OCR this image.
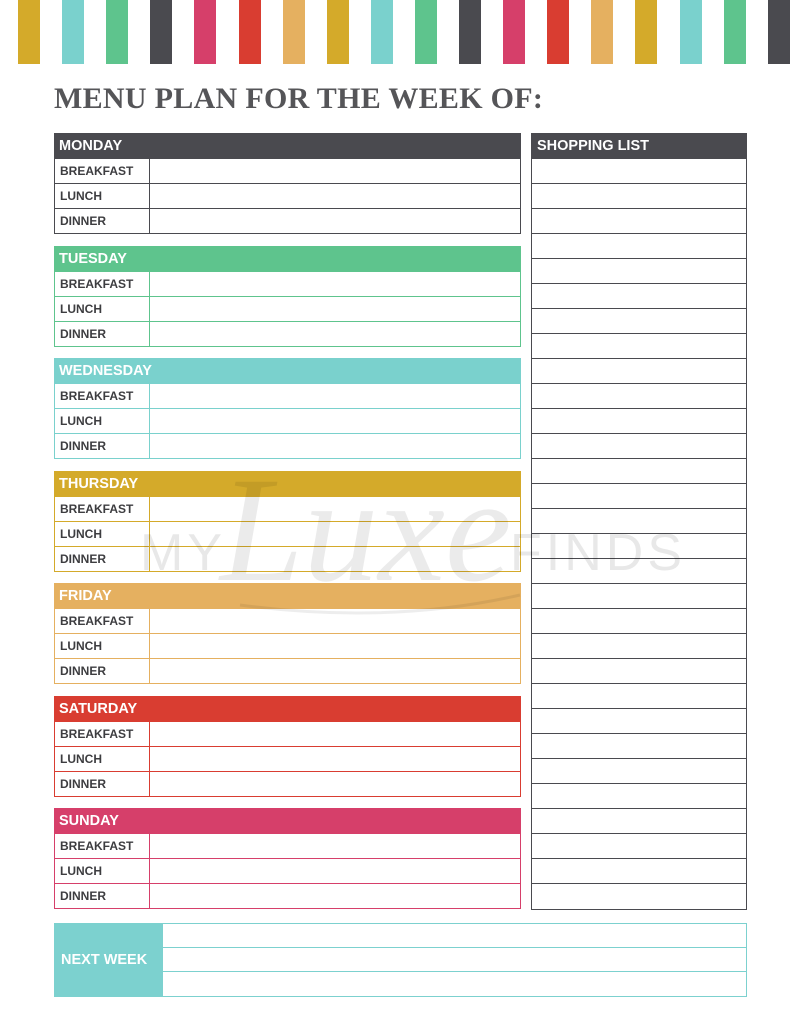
MENU PLAN FOR THE WEEK OF:
MONDAY
BREAKFAST
LUNCH
DINNER
TUESDAY
BREAKFAST
LUNCH
DINNER
WEDNESDAY
BREAKFAST
LUNCH
DINNER
THURSDAY
BREAKFAST
LUNCH
DINNER
FRIDAY
BREAKFAST
LUNCH
DINNER
SATURDAY
BREAKFAST
LUNCH
DINNER
SUNDAY
BREAKFAST
LUNCH
DINNER
SHOPPING LIST
NEXT WEEK
MY
Luxe
FINDS
